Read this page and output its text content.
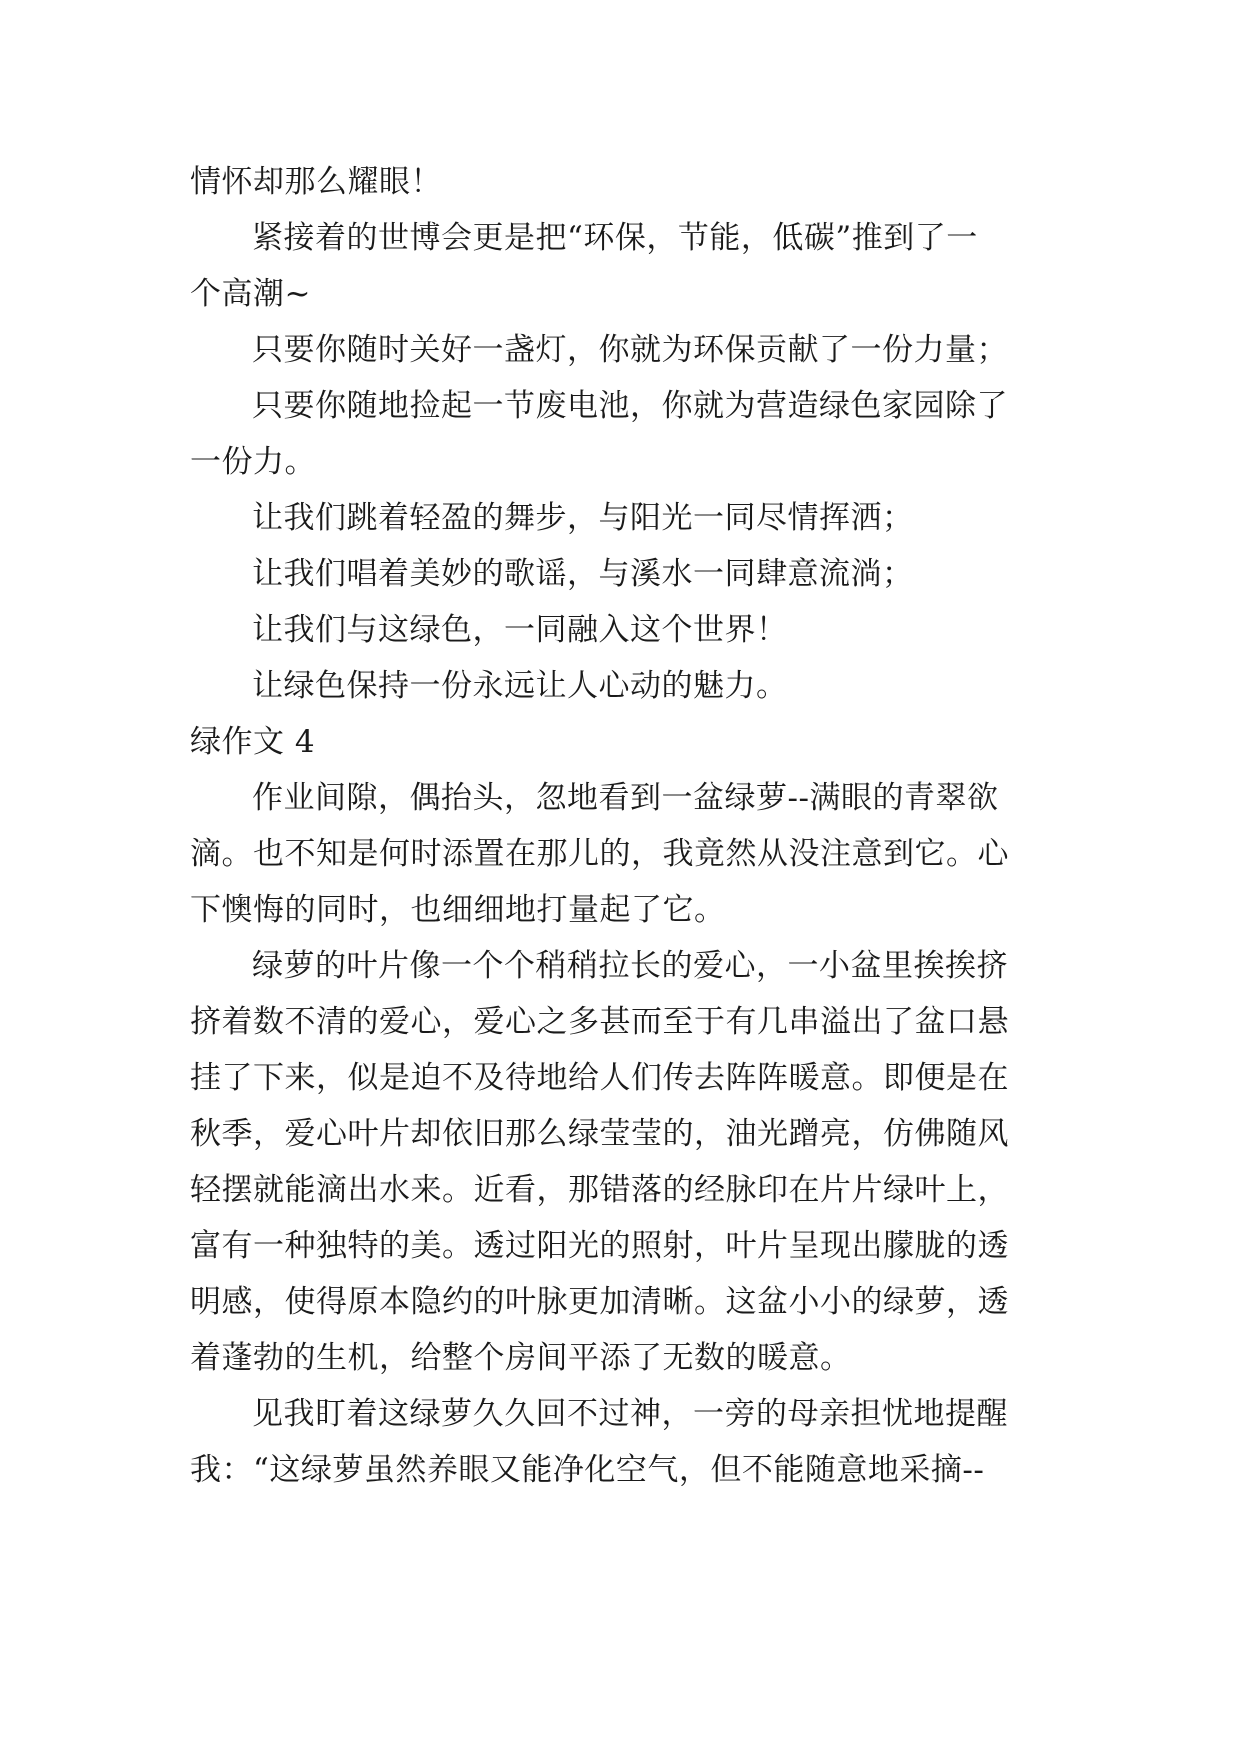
情怀却那么耀眼！
紧接着的世博会更是把“环保，节能，低碳”推到了一
个高潮~
只要你随时关好一盏灯，你就为环保贡献了一份力量；
只要你随地捡起一节废电池，你就为营造绿色家园除了
一份力。
让我们跳着轻盈的舞步，与阳光一同尽情挥洒；
让我们唱着美妙的歌谣，与溪水一同肆意流淌；
让我们与这绿色，一同融入这个世界！
让绿色保持一份永远让人心动的魅力。
绿作文 4
作业间隙，偶抬头，忽地看到一盆绿萝--满眼的青翠欲
滴。也不知是何时添置在那儿的，我竟然从没注意到它。心
下懊悔的同时，也细细地打量起了它。
绿萝的叶片像一个个稍稍拉长的爱心，一小盆里挨挨挤
挤着数不清的爱心，爱心之多甚而至于有几串溢出了盆口悬
挂了下来，似是迫不及待地给人们传去阵阵暖意。即便是在
秋季，爱心叶片却依旧那么绿莹莹的，油光蹭亮，仿佛随风
轻摆就能滴出水来。近看，那错落的经脉印在片片绿叶上，
富有一种独特的美。透过阳光的照射，叶片呈现出朦胧的透
明感，使得原本隐约的叶脉更加清晰。这盆小小的绿萝，透
着蓬勃的生机，给整个房间平添了无数的暖意。
见我盯着这绿萝久久回不过神，一旁的母亲担忧地提醒
我：“这绿萝虽然养眼又能净化空气，但不能随意地采摘--
